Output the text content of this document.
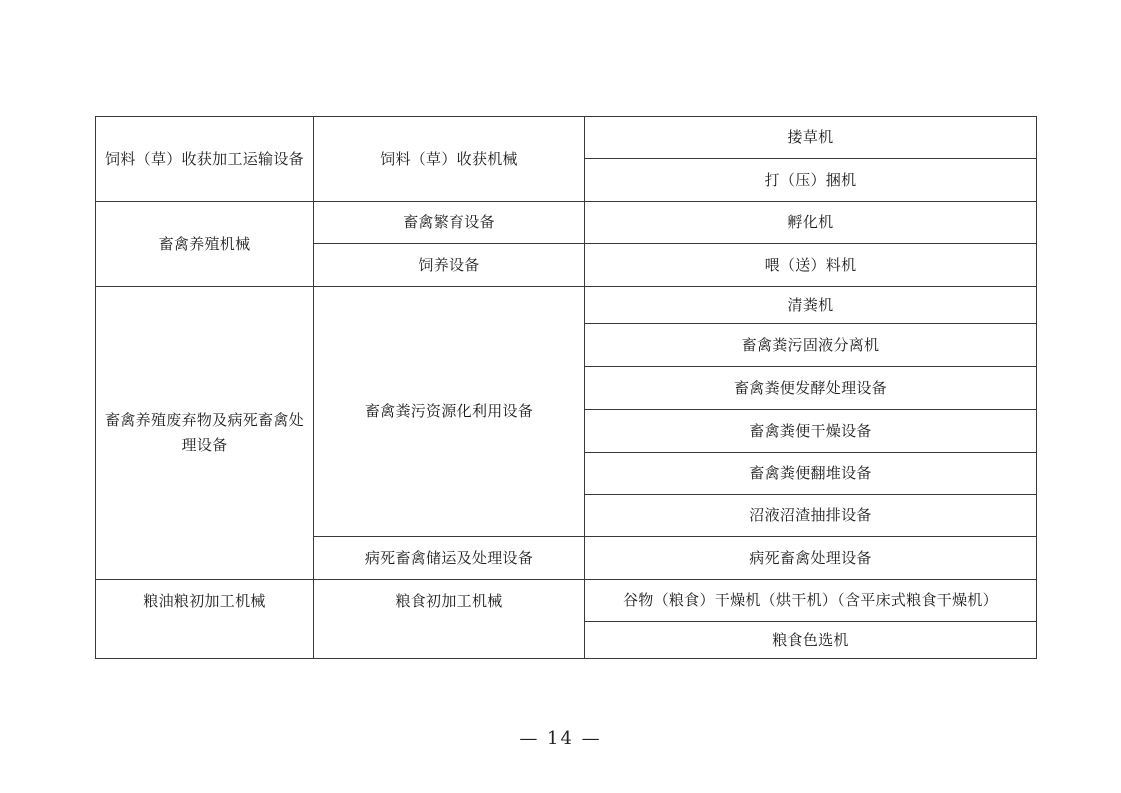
饲料（草）收获加工运输设备	饲料（草）收获机械	搂草机
		打（压）捆机
畜禽养殖机械	畜禽繁育设备	孵化机
	饲养设备	喂（送）料机
畜禽养殖废弃物及病死畜禽处理设备	畜禽粪污资源化利用设备	清粪机
		畜禽粪污固液分离机
		畜禽粪便发酵处理设备
		畜禽粪便干燥设备
		畜禽粪便翻堆设备
		沼液沼渣抽排设备
	病死畜禽储运及处理设备	病死畜禽处理设备
粮油粮初加工机械	粮食初加工机械	谷物（粮食）干燥机（烘干机）（含平床式粮食干燥机）
		粮食色选机
— 14 —
